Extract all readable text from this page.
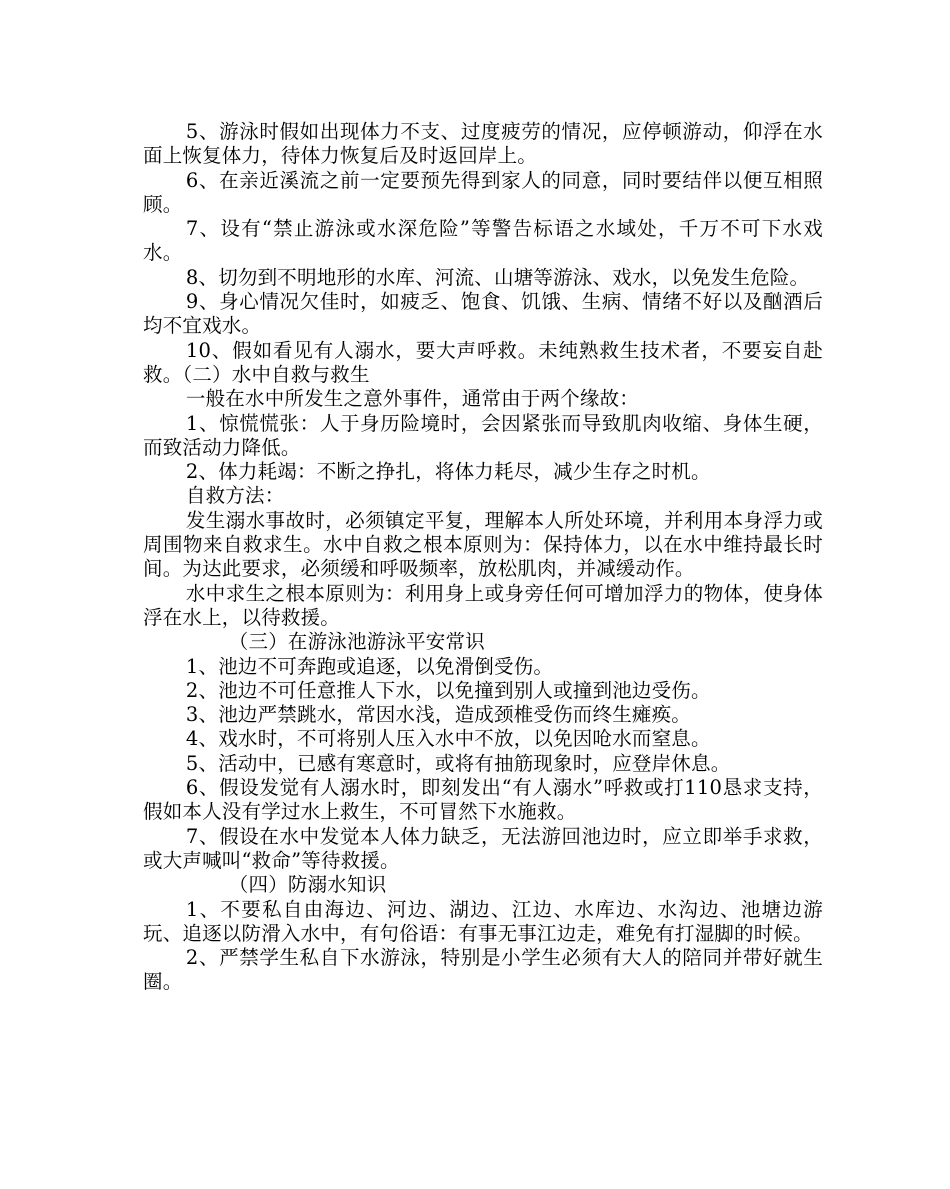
5、游泳时假如出现体力不支、过度疲劳的情况，应停顿游动，仰浮在水面上恢复体力，待体力恢复后及时返回岸上。

6、在亲近溪流之前一定要预先得到家人的同意，同时要结伴以便互相照顾。

7、设有“禁止游泳或水深危险”等警告标语之水域处，千万不可下水戏水。

8、切勿到不明地形的水库、河流、山塘等游泳、戏水，以免发生危险。

9、身心情况欠佳时，如疲乏、饱食、饥饿、生病、情绪不好以及酗酒后均不宜戏水。

10、假如看见有人溺水，要大声呼救。未纯熟救生技术者，不要妄自赴救。（二）水中自救与救生

一般在水中所发生之意外事件，通常由于两个缘故：

1、惊慌慌张：人于身历险境时，会因紧张而导致肌肉收缩、身体生硬，而致活动力降低。

2、体力耗竭：不断之挣扎，将体力耗尽，减少生存之时机。

自救方法：

发生溺水事故时，必须镇定平复，理解本人所处环境，并利用本身浮力或周围物来自救求生。水中自救之根本原则为：保持体力，以在水中维持最长时间。为达此要求，必须缓和呼吸频率，放松肌肉，并减缓动作。

水中求生之根本原则为：利用身上或身旁任何可增加浮力的物体，使身体浮在水上，以待救援。

（三）在游泳池游泳平安常识

1、池边不可奔跑或追逐，以免滑倒受伤。

2、池边不可任意推人下水，以免撞到别人或撞到池边受伤。

3、池边严禁跳水，常因水浅，造成颈椎受伤而终生瘫痪。

4、戏水时，不可将别人压入水中不放，以免因呛水而窒息。

5、活动中，已感有寒意时，或将有抽筋现象时，应登岸休息。

6、假设发觉有人溺水时，即刻发出“有人溺水”呼救或打110恳求支持，假如本人没有学过水上救生，不可冒然下水施救。

7、假设在水中发觉本人体力缺乏，无法游回池边时，应立即举手求救，或大声喊叫“救命”等待救援。

（四）防溺水知识

1、不要私自由海边、河边、湖边、江边、水库边、水沟边、池塘边游玩、追逐以防滑入水中，有句俗语：有事无事江边走，难免有打湿脚的时候。

2、严禁学生私自下水游泳，特别是小学生必须有大人的陪同并带好就生圈。
